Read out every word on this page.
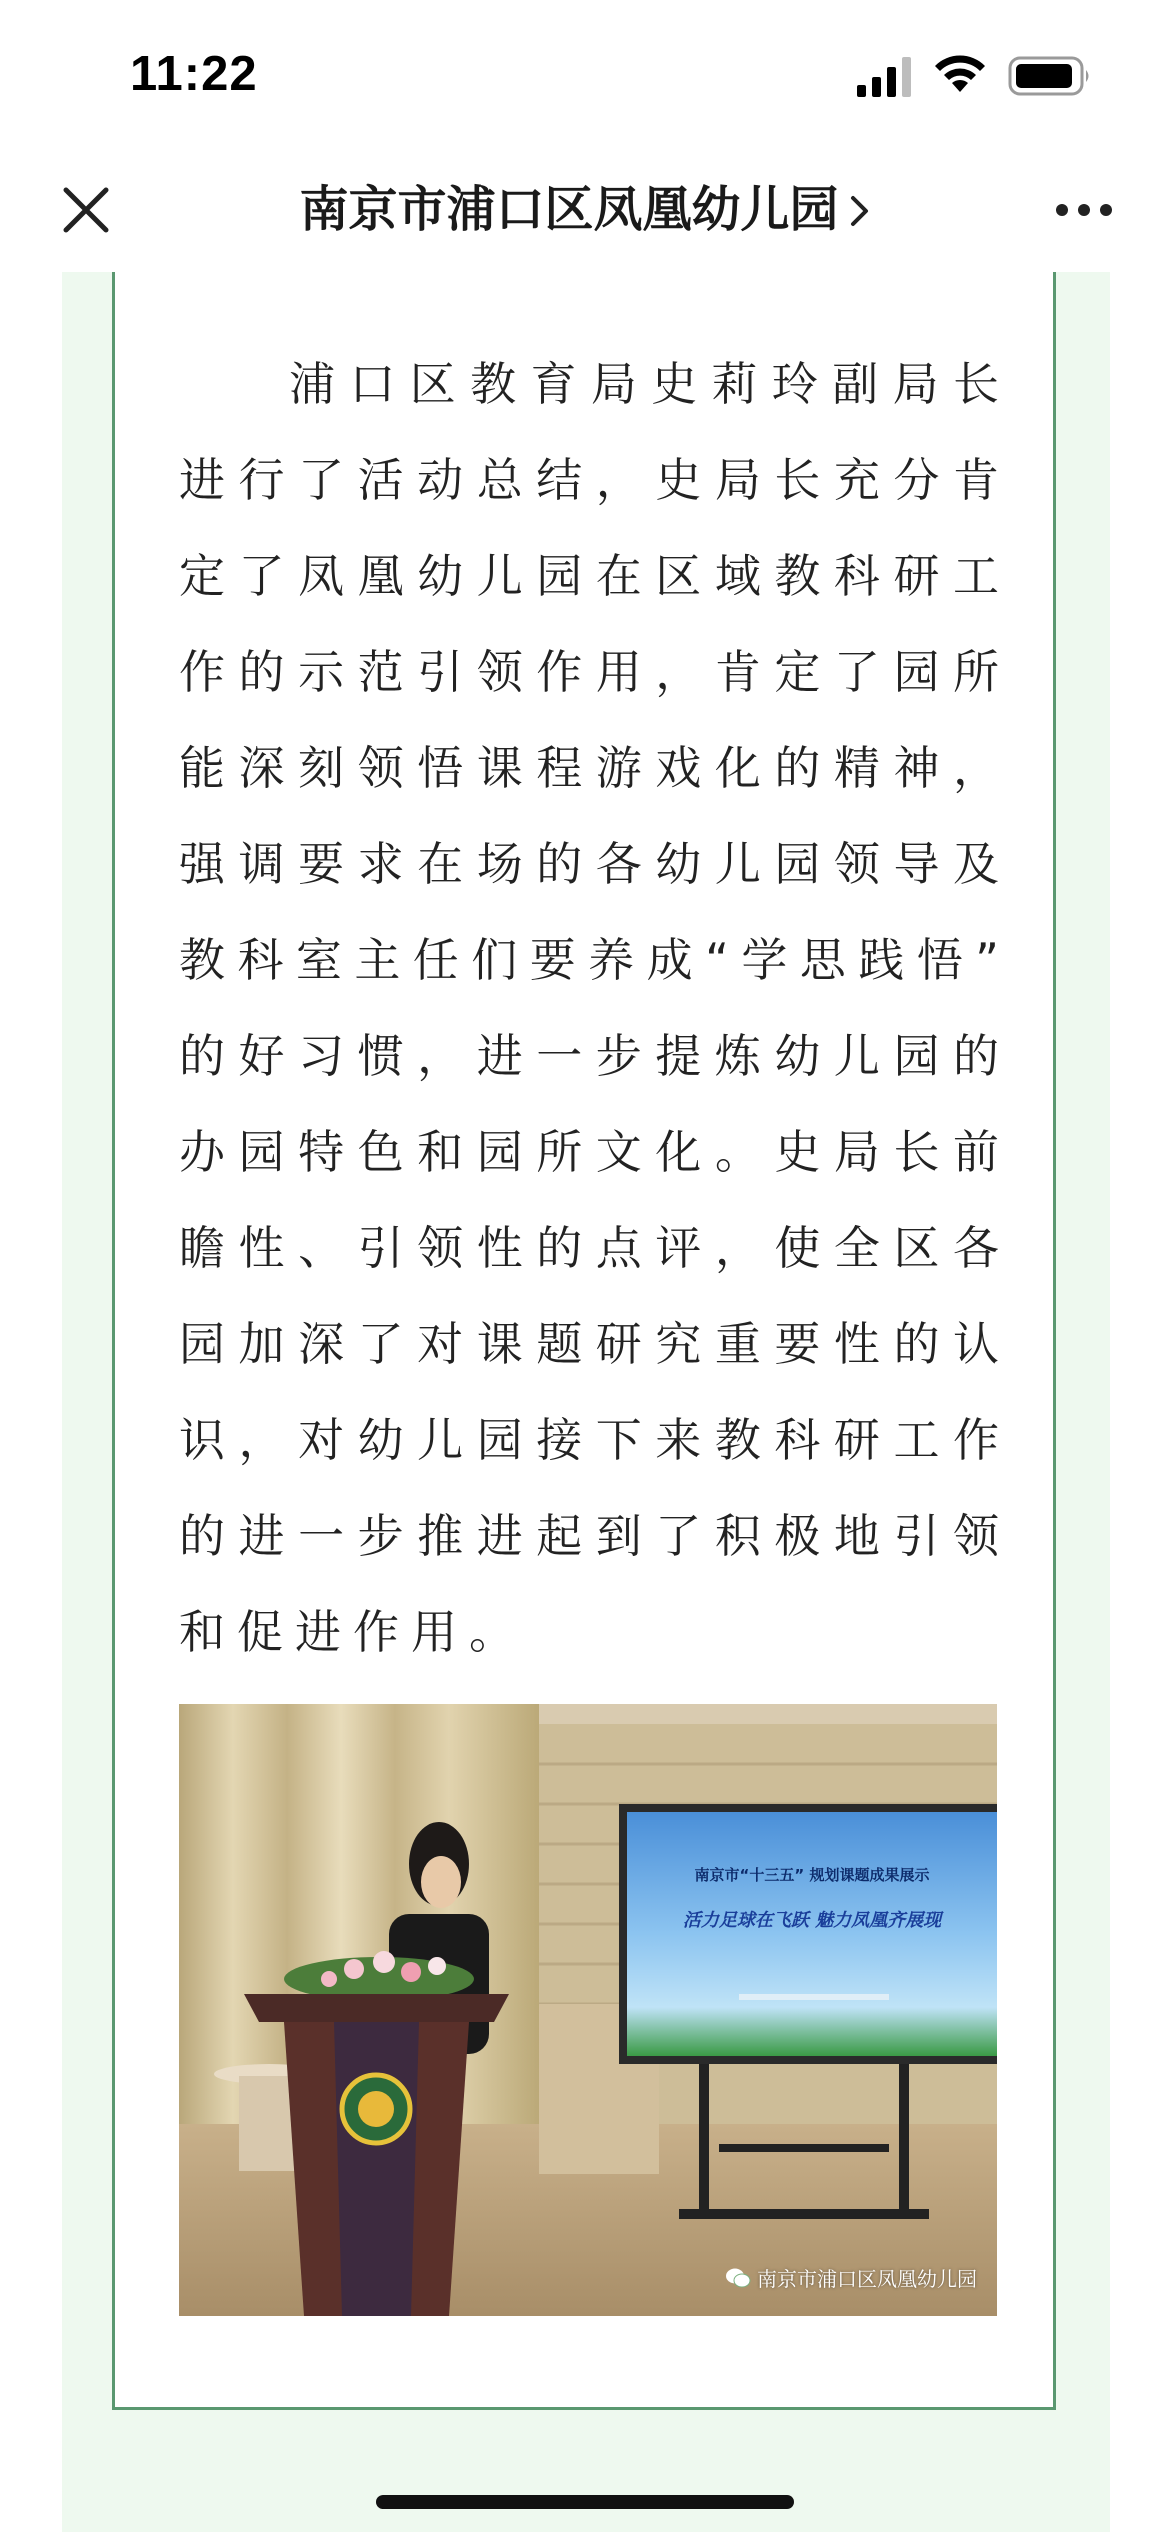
11:22
南京市浦口区凤凰幼儿园
浦口区教育局史莉玲副局长
进行了活动总结，史局长充分肯
定了凤凰幼儿园在区域教科研工
作的示范引领作用，肯定了园所
能深刻领悟课程游戏化的精神，
强调要求在场的各幼儿园领导及
教科室主任们要养成“学思践悟”
的好习惯，进一步提炼幼儿园的
办园特色和园所文化。史局长前
瞻性、引领性的点评，使全区各
园加深了对课题研究重要性的认
识，对幼儿园接下来教科研工作
的进一步推进起到了积极地引领
和促进作用。
南京市“十三五” 规划课题成果展示
活力足球在飞跃 魅力凤凰齐展现
南京市浦口区凤凰幼儿园
